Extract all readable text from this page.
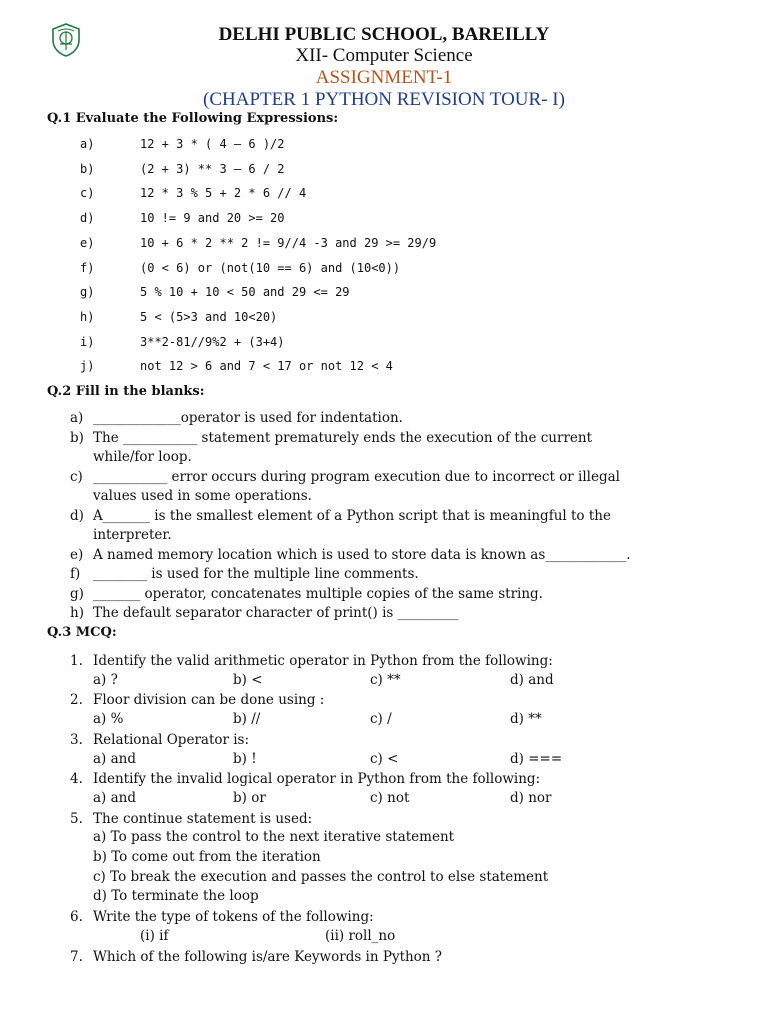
DELHI PUBLIC SCHOOL, BAREILLY
XII- Computer Science
ASSIGNMENT-1
(CHAPTER 1 PYTHON REVISION TOUR- I)
Q.1 Evaluate the Following Expressions:
a)	12 + 3 * ( 4 – 6 )/2
b)	(2 + 3) ** 3 – 6 / 2
c)	12 * 3 % 5 + 2 * 6 // 4
d)	10 != 9 and 20 >= 20
e)	10 + 6 * 2 ** 2 != 9//4 -3 and 29 >= 29/9
f)	(0 < 6) or (not(10 == 6) and (10<0))
g)	5 % 10 + 10 < 50 and 29 <= 29
h)	5 < (5>3 and 10<20)
i)	3**2-81//9%2 + (3+4)
j)	not 12 > 6 and 7 < 17 or not 12 < 4
Q.2 Fill in the blanks:
a) _____________operator is used for indentation.
b) The ___________ statement prematurely ends the execution of the current
while/for loop.
c) ___________ error occurs during program execution due to incorrect or illegal
values used in some operations.
d) A_______ is the smallest element of a Python script that is meaningful to the
interpreter.
e) A named memory location which is used to store data is known as____________.
f) ________ is used for the multiple line comments.
g) _______ operator, concatenates multiple copies of the same string.
h) The default separator character of print() is _________
Q.3 MCQ:
1. Identify the valid arithmetic operator in Python from the following:
a) ?	b) <	c) **	d) and
2. Floor division can be done using :
a) %	b) //	c) /	d) **
3. Relational Operator is:
a) and	b) !	c) <	d) ===
4. Identify the invalid logical operator in Python from the following:
a) and	b) or	c) not	d) nor
5. The continue statement is used:
a) To pass the control to the next iterative statement
b) To come out from the iteration
c) To break the execution and passes the control to else statement
d) To terminate the loop
6. Write the type of tokens of the following:
(i) if	(ii) roll_no
7. Which of the following is/are Keywords in Python ?
